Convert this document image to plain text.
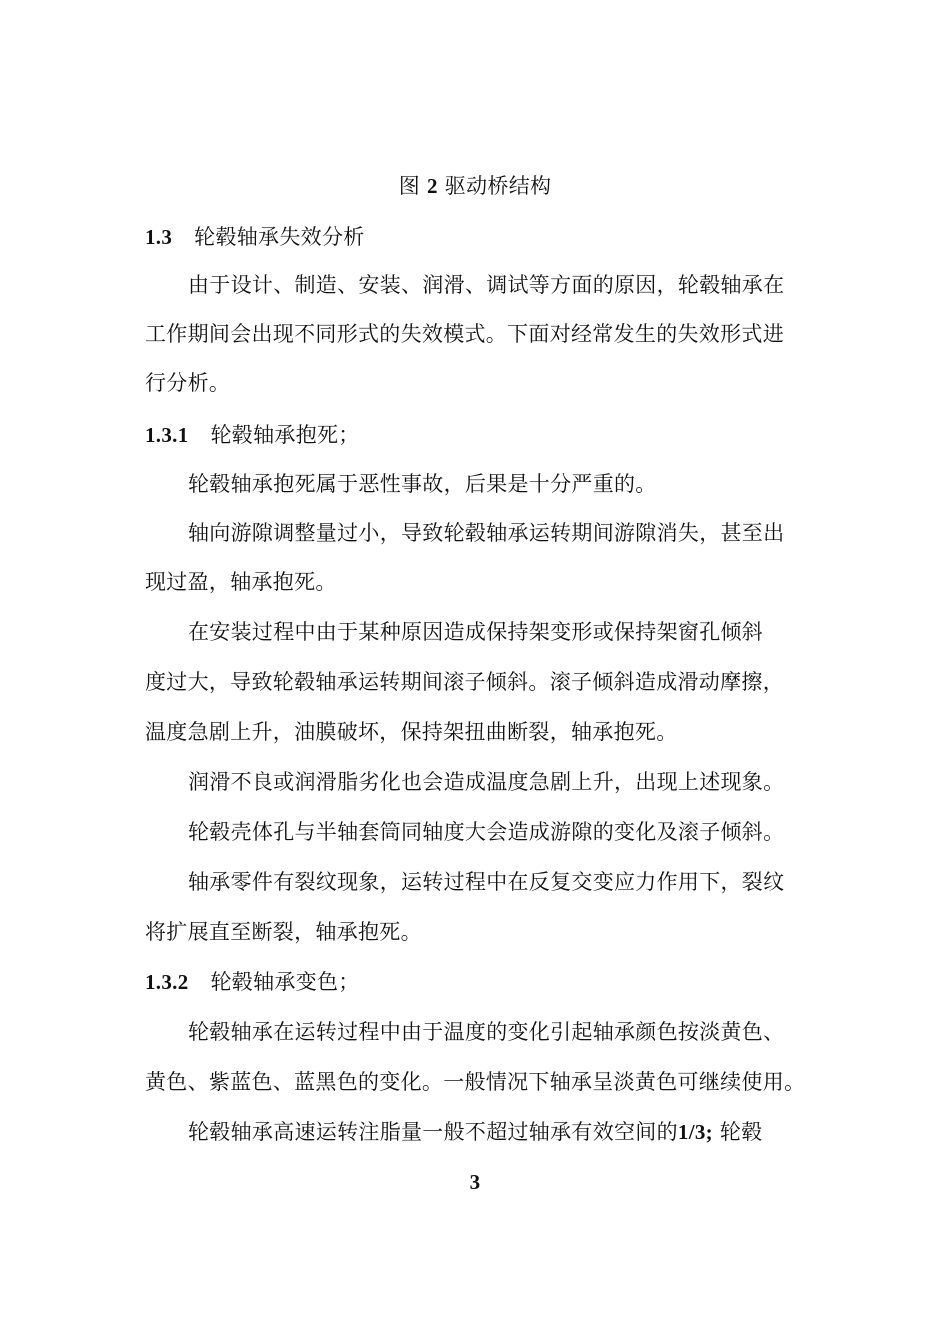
图 2 驱动桥结构
1.3 轮毂轴承失效分析
由于设计、制造、安装、润滑、调试等方面的原因，轮毂轴承在
工作期间会出现不同形式的失效模式。下面对经常发生的失效形式进
行分析。
1.3.1 轮毂轴承抱死；
轮毂轴承抱死属于恶性事故，后果是十分严重的。
轴向游隙调整量过小，导致轮毂轴承运转期间游隙消失，甚至出
现过盈，轴承抱死。
在安装过程中由于某种原因造成保持架变形或保持架窗孔倾斜
度过大，导致轮毂轴承运转期间滚子倾斜。滚子倾斜造成滑动摩擦，
温度急剧上升，油膜破坏，保持架扭曲断裂，轴承抱死。
润滑不良或润滑脂劣化也会造成温度急剧上升，出现上述现象。
轮毂壳体孔与半轴套筒同轴度大会造成游隙的变化及滚子倾斜。
轴承零件有裂纹现象，运转过程中在反复交变应力作用下，裂纹
将扩展直至断裂，轴承抱死。
1.3.2 轮毂轴承变色；
轮毂轴承在运转过程中由于温度的变化引起轴承颜色按淡黄色、
黄色、紫蓝色、蓝黑色的变化。一般情况下轴承呈淡黄色可继续使用。
轮毂轴承高速运转注脂量一般不超过轴承有效空间的1/3; 轮毂
3
